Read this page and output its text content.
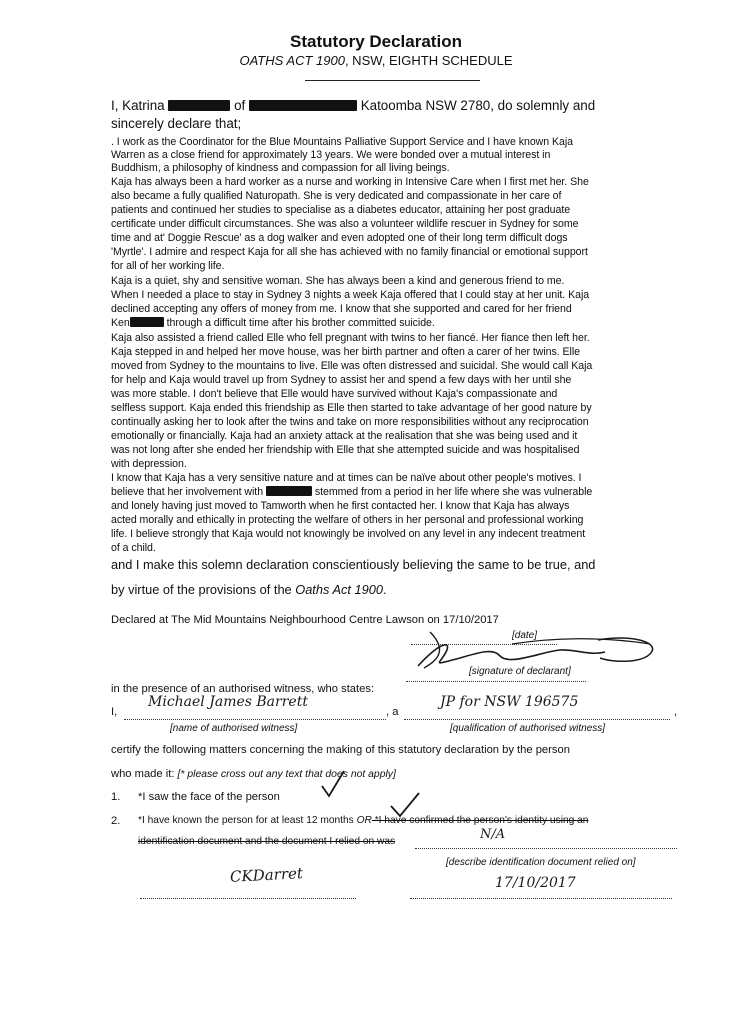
Statutory Declaration
OATHS ACT 1900, NSW, EIGHTH SCHEDULE
I, Katrina	of	Katoomba NSW 2780, do solemnly and
sincerely declare that;
. I work as the Coordinator for the Blue Mountains Palliative Support Service and I have known Kaja
Warren as a close friend for approximately 13 years. We were bonded over a mutual interest in
Buddhism, a philosophy of kindness and compassion for all living beings.
Kaja has always been a hard worker as a nurse and working in Intensive Care when I first met her. She
also became a fully qualified Naturopath. She is very dedicated and compassionate in her care of
patients and continued her studies to specialise as a diabetes educator, attaining her post graduate
certificate under difficult circumstances. She was also a volunteer wildlife rescuer in Sydney for some
time and at' Doggie Rescue' as a dog walker and even adopted one of their long term difficult dogs
'Myrtle'. I admire and respect Kaja for all she has achieved with no family financial or emotional support
for all of her working life.
Kaja is a quiet, shy and sensitive woman. She has always been a kind and generous friend to me.
When I needed a place to stay in Sydney 3 nights a week Kaja offered that I could stay at her unit. Kaja
declined accepting any offers of money from me. I know that she supported and cared for her friend
Ken	through a difficult time after his brother committed suicide.
Kaja also assisted a friend called Elle who fell pregnant with twins to her fiancé. Her fiance then left her.
Kaja stepped in and helped her move house, was her birth partner and often a carer of her twins. Elle
moved from Sydney to the mountains to live. Elle was often distressed and suicidal. She would call Kaja
for help and Kaja would travel up from Sydney to assist her and spend a few days with her until she
was more stable. I don't believe that Elle would have survived without Kaja's compassionate and
selfless support. Kaja ended this friendship as Elle then started to take advantage of her good nature by
continually asking her to look after the twins and take on more responsibilities without any reciprocation
emotionally or financially. Kaja had an anxiety attack at the realisation that she was being used and it
was not long after she ended her friendship with Elle that she attempted suicide and was hospitalised
with depression.
I know that Kaja has a very sensitive nature and at times can be naïve about other people's motives. I
believe that her involvement with	stemmed from a period in her life where she was vulnerable
and lonely having just moved to Tamworth when he first contacted her. I know that Kaja has always
acted morally and ethically in protecting the welfare of others in her personal and professional working
life. I believe strongly that Kaja would not knowingly be involved on any level in any indecent treatment
of a child.
and I make this solemn declaration conscientiously believing the same to be true, and
by virtue of the provisions of the Oaths Act 1900.
Declared at The Mid Mountains Neighbourhood Centre Lawson on 17/10/2017
[date]
[signature of declarant]
in the presence of an authorised witness, who states:
I,
Michael James Barrett
, a
JP for NSW 196575
,
[name of authorised witness]	[qualification of authorised witness]
certify the following matters concerning the making of this statutory declaration by the person
who made it: [* please cross out any text that does not apply]
1. *I saw the face of the person
2. *I have known the person for at least 12 months OR *I have confirmed the person's identity using an
identification document and the document I relied on was	N/A
[describe identification document relied on]
CKDarret	17/10/2017
